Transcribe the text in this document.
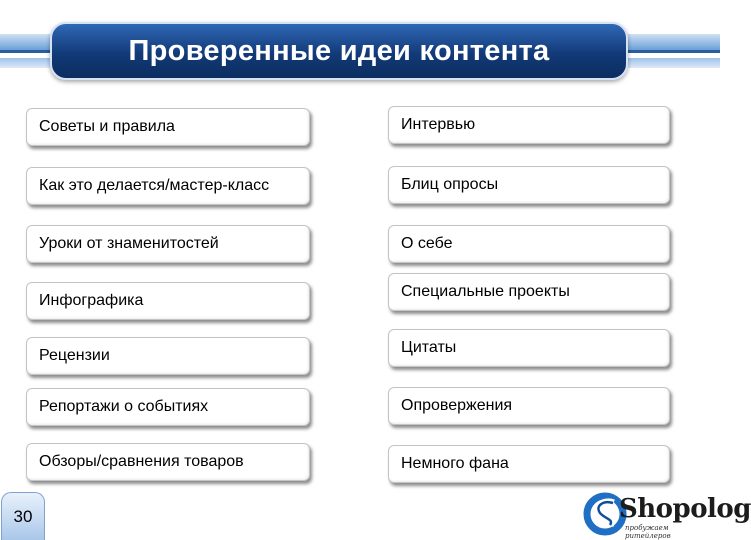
Проверенные идеи контента
Советы и правила
Как это делается/мастер-класс
Уроки от знаменитостей
Инфографика
Рецензии
Репортажи о событиях
Обзоры/сравнения товаров
Интервью
Блиц опросы
О себе
Специальные проекты
Цитаты
Опровержения
Немного фана
30	Shopolog
пробужаем ритейлеров
